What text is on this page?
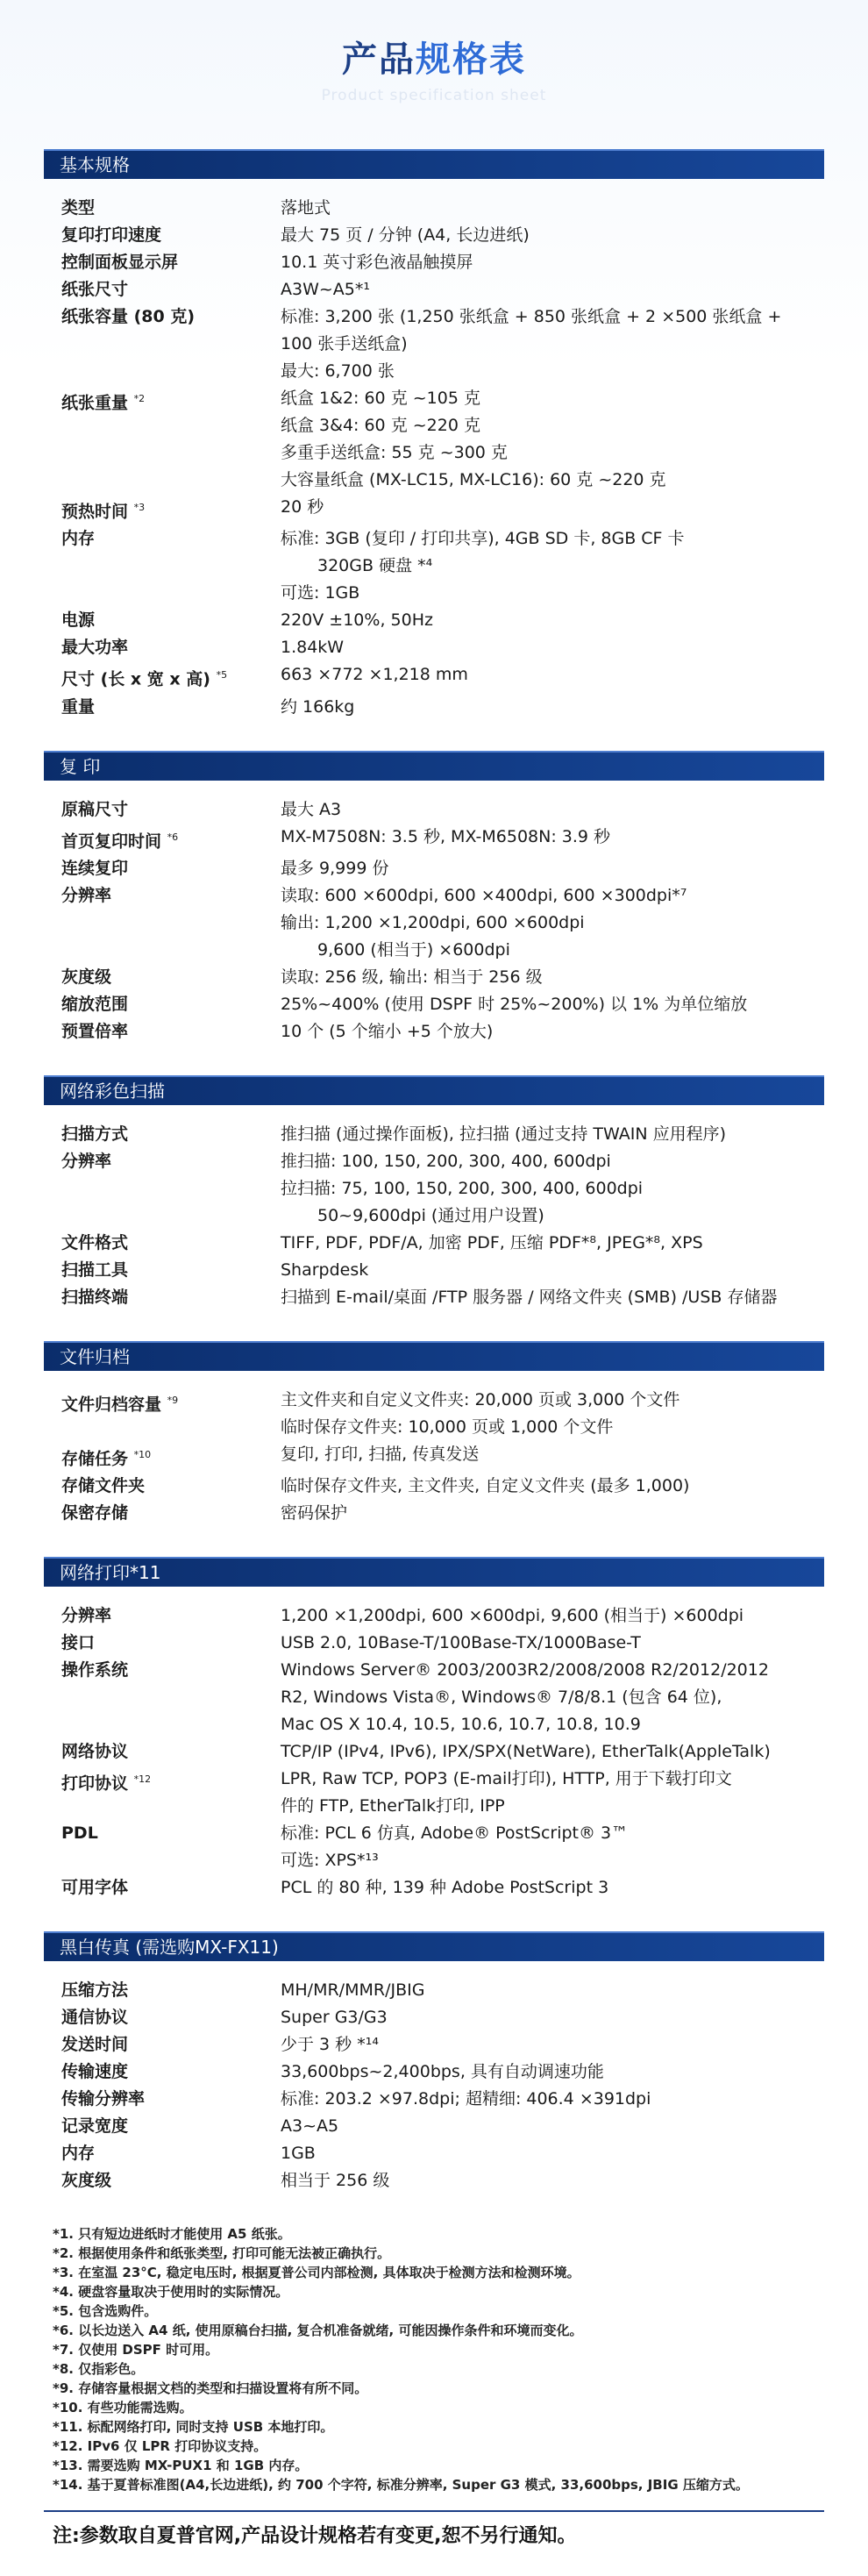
产品规格表
Product specification sheet
基本规格
类型	落地式
复印打印速度	最大 75 页 / 分钟 (A4, 长边进纸)
控制面板显示屏	10.1 英寸彩色液晶触摸屏
纸张尺寸	A3W~A5*¹
纸张容量 (80 克)	标准: 3,200 张 (1,250 张纸盒 + 850 张纸盒 + 2 ×500 张纸盒 +
100 张手送纸盒)
最大: 6,700 张
纸张重量 $^{*2}$	纸盒 1&2: 60 克 ~105 克
纸盒 3&4: 60 克 ~220 克
多重手送纸盒: 55 克 ~300 克
大容量纸盒 (MX-LC15, MX-LC16): 60 克 ~220 克
预热时间 $^{*3}$	20 秒
内存	标准: 3GB (复印 / 打印共享), 4GB SD 卡, 8GB CF 卡
320GB 硬盘 *⁴
可选: 1GB
电源	220V ±10%, 50Hz
最大功率	1.84kW
尺寸 (长 x 宽 x 高) $^{*5}$	663 ×772 ×1,218 mm
重量	约 166kg
复 印
原稿尺寸	最大 A3
首页复印时间 $^{*6}$	MX-M7508N: 3.5 秒, MX-M6508N: 3.9 秒
连续复印	最多 9,999 份
分辨率	读取: 600 ×600dpi, 600 ×400dpi, 600 ×300dpi*⁷
输出: 1,200 ×1,200dpi, 600 ×600dpi
9,600 (相当于) ×600dpi
灰度级	读取: 256 级, 输出: 相当于 256 级
缩放范围	25%~400% (使用 DSPF 时 25%~200%) 以 1% 为单位缩放
预置倍率	10 个 (5 个缩小 +5 个放大)
网络彩色扫描
扫描方式	推扫描 (通过操作面板), 拉扫描 (通过支持 TWAIN 应用程序)
分辨率	推扫描: 100, 150, 200, 300, 400, 600dpi
拉扫描: 75, 100, 150, 200, 300, 400, 600dpi
50~9,600dpi (通过用户设置)
文件格式	TIFF, PDF, PDF/A, 加密 PDF, 压缩 PDF*⁸, JPEG*⁸, XPS
扫描工具	Sharpdesk
扫描终端	扫描到 E-mail/桌面 /FTP 服务器 / 网络文件夹 (SMB) /USB 存储器
文件归档
文件归档容量 $^{*9}$	主文件夹和自定义文件夹: 20,000 页或 3,000 个文件
临时保存文件夹: 10,000 页或 1,000 个文件
存储任务 $^{*10}$	复印, 打印, 扫描, 传真发送
存储文件夹	临时保存文件夹, 主文件夹, 自定义文件夹 (最多 1,000)
保密存储	密码保护
网络打印*11
分辨率	1,200 ×1,200dpi, 600 ×600dpi, 9,600 (相当于) ×600dpi
接口	USB 2.0, 10Base-T/100Base-TX/1000Base-T
操作系统	Windows Server® 2003/2003R2/2008/2008 R2/2012/2012
R2, Windows Vista®, Windows® 7/8/8.1 (包含 64 位),
Mac OS X 10.4, 10.5, 10.6, 10.7, 10.8, 10.9
网络协议	TCP/IP (IPv4, IPv6), IPX/SPX(NetWare), EtherTalk(AppleTalk)
打印协议 $^{*12}$	LPR, Raw TCP, POP3 (E-mail打印), HTTP, 用于下载打印文
件的 FTP, EtherTalk打印, IPP
PDL	标准: PCL 6 仿真, Adobe® PostScript® 3™
可选: XPS*¹³
可用字体	PCL 的 80 种, 139 种 Adobe PostScript 3
黑白传真 (需选购MX-FX11)
压缩方法	MH/MR/MMR/JBIG
通信协议	Super G3/G3
发送时间	少于 3 秒 *¹⁴
传输速度	33,600bps~2,400bps, 具有自动调速功能
传输分辨率	标准: 203.2 ×97.8dpi; 超精细: 406.4 ×391dpi
记录宽度	A3~A5
内存	1GB
灰度级	相当于 256 级
*1. 只有短边进纸时才能使用 A5 纸张。
*2. 根据使用条件和纸张类型, 打印可能无法被正确执行。
*3. 在室温 23°C, 稳定电压时, 根据夏普公司内部检测, 具体取决于检测方法和检测环境。
*4. 硬盘容量取决于使用时的实际情况。
*5. 包含选购件。
*6. 以长边送入 A4 纸, 使用原稿台扫描, 复合机准备就绪, 可能因操作条件和环境而变化。
*7. 仅使用 DSPF 时可用。
*8. 仅指彩色。
*9. 存储容量根据文档的类型和扫描设置将有所不同。
*10. 有些功能需选购。
*11. 标配网络打印, 同时支持 USB 本地打印。
*12. IPv6 仅 LPR 打印协议支持。
*13. 需要选购 MX-PUX1 和 1GB 内存。
*14. 基于夏普标准图(A4,长边进纸), 约 700 个字符, 标准分辨率, Super G3 模式, 33,600bps, JBIG 压缩方式。
注:参数取自夏普官网,产品设计规格若有变更,恕不另行通知。
